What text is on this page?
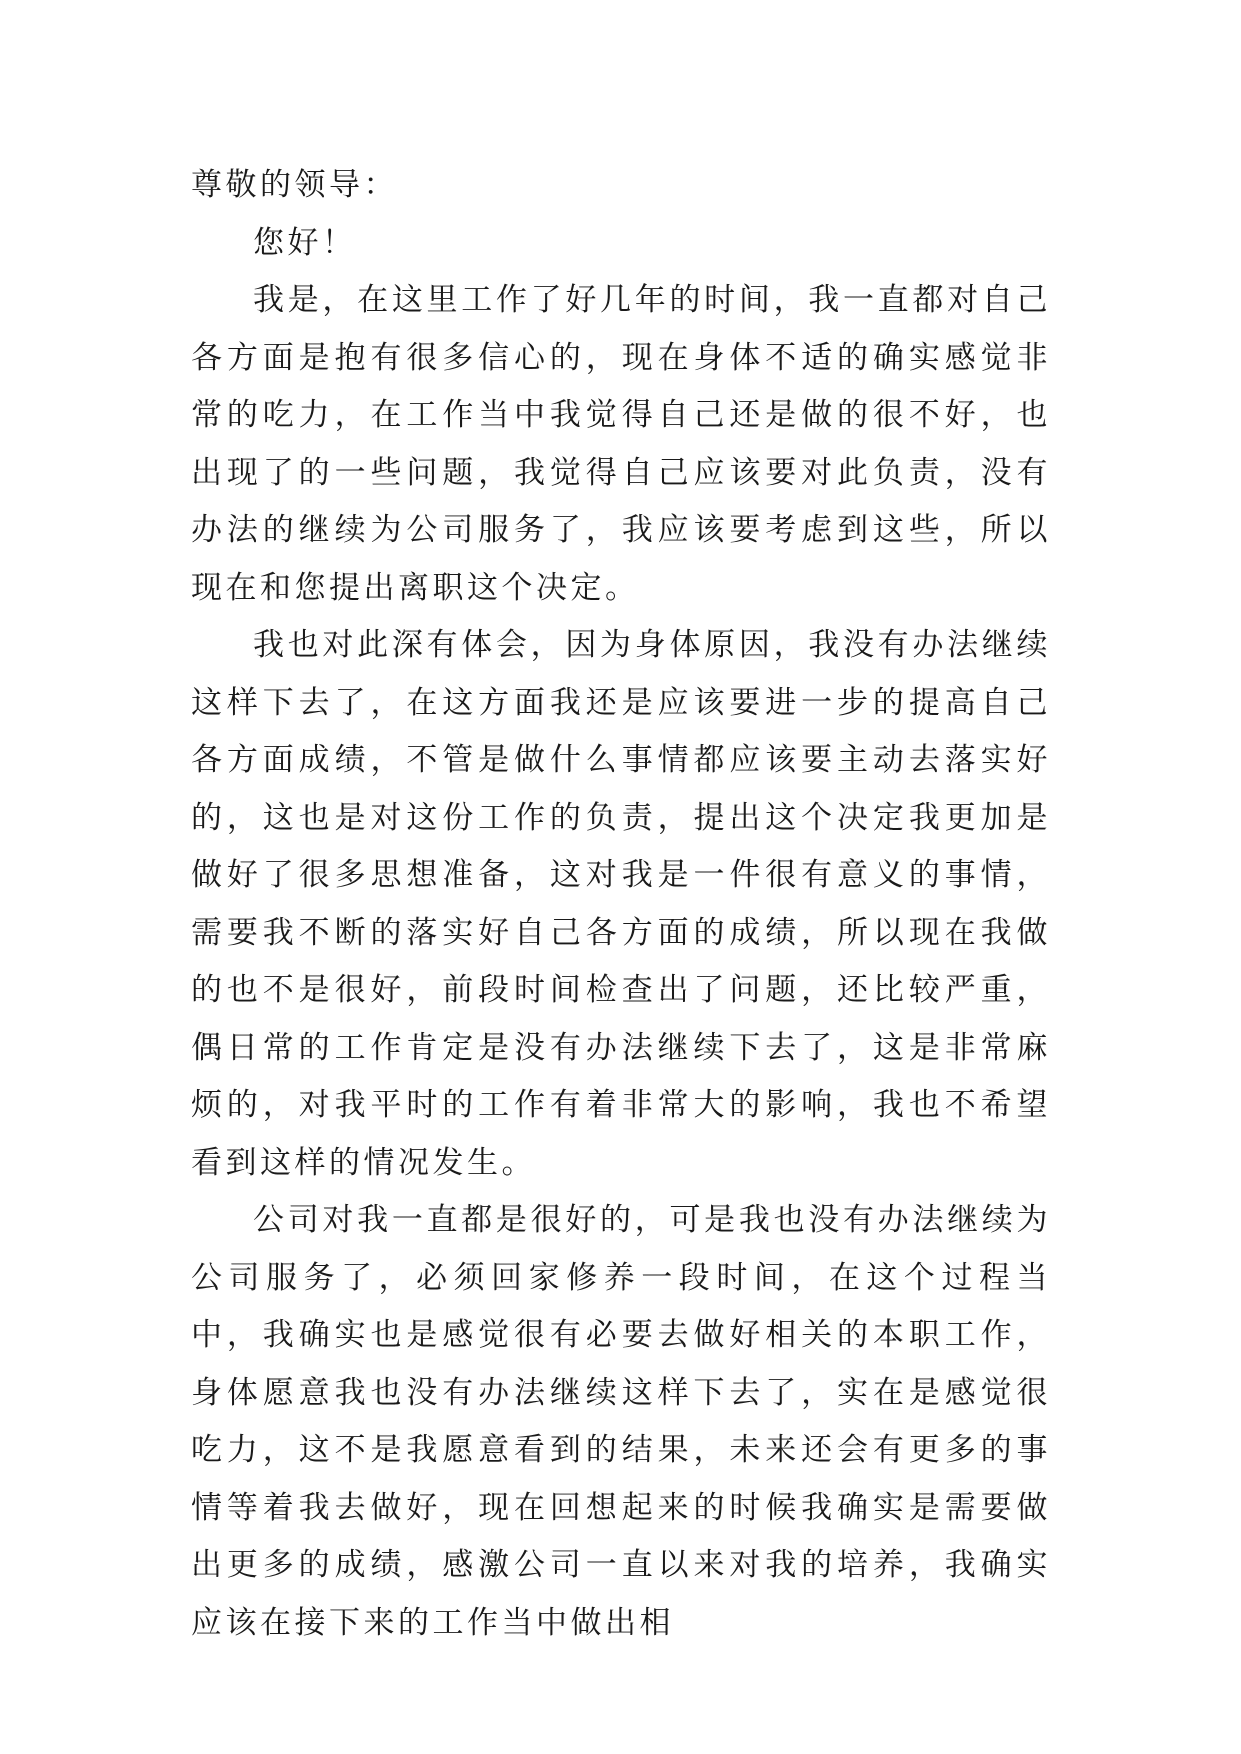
尊敬的领导：

您好！

我是，在这里工作了好几年的时间，我一直都对自己各方面是抱有很多信心的，现在身体不适的确实感觉非常的吃力，在工作当中我觉得自己还是做的很不好，也出现了的一些问题，我觉得自己应该要对此负责，没有办法的继续为公司服务了，我应该要考虑到这些，所以现在和您提出离职这个决定。

我也对此深有体会，因为身体原因，我没有办法继续这样下去了，在这方面我还是应该要进一步的提高自己各方面成绩，不管是做什么事情都应该要主动去落实好的，这也是对这份工作的负责，提出这个决定我更加是做好了很多思想准备，这对我是一件很有意义的事情，需要我不断的落实好自己各方面的成绩，所以现在我做的也不是很好，前段时间检查出了问题，还比较严重，偶日常的工作肯定是没有办法继续下去了，这是非常麻烦的，对我平时的工作有着非常大的影响，我也不希望看到这样的情况发生。

公司对我一直都是很好的，可是我也没有办法继续为公司服务了，必须回家修养一段时间，在这个过程当中，我确实也是感觉很有必要去做好相关的本职工作，身体愿意我也没有办法继续这样下去了，实在是感觉很吃力，这不是我愿意看到的结果，未来还会有更多的事情等着我去做好，现在回想起来的时候我确实是需要做出更多的成绩，感激公司一直以来对我的培养，我确实应该在接下来的工作当中做出相
